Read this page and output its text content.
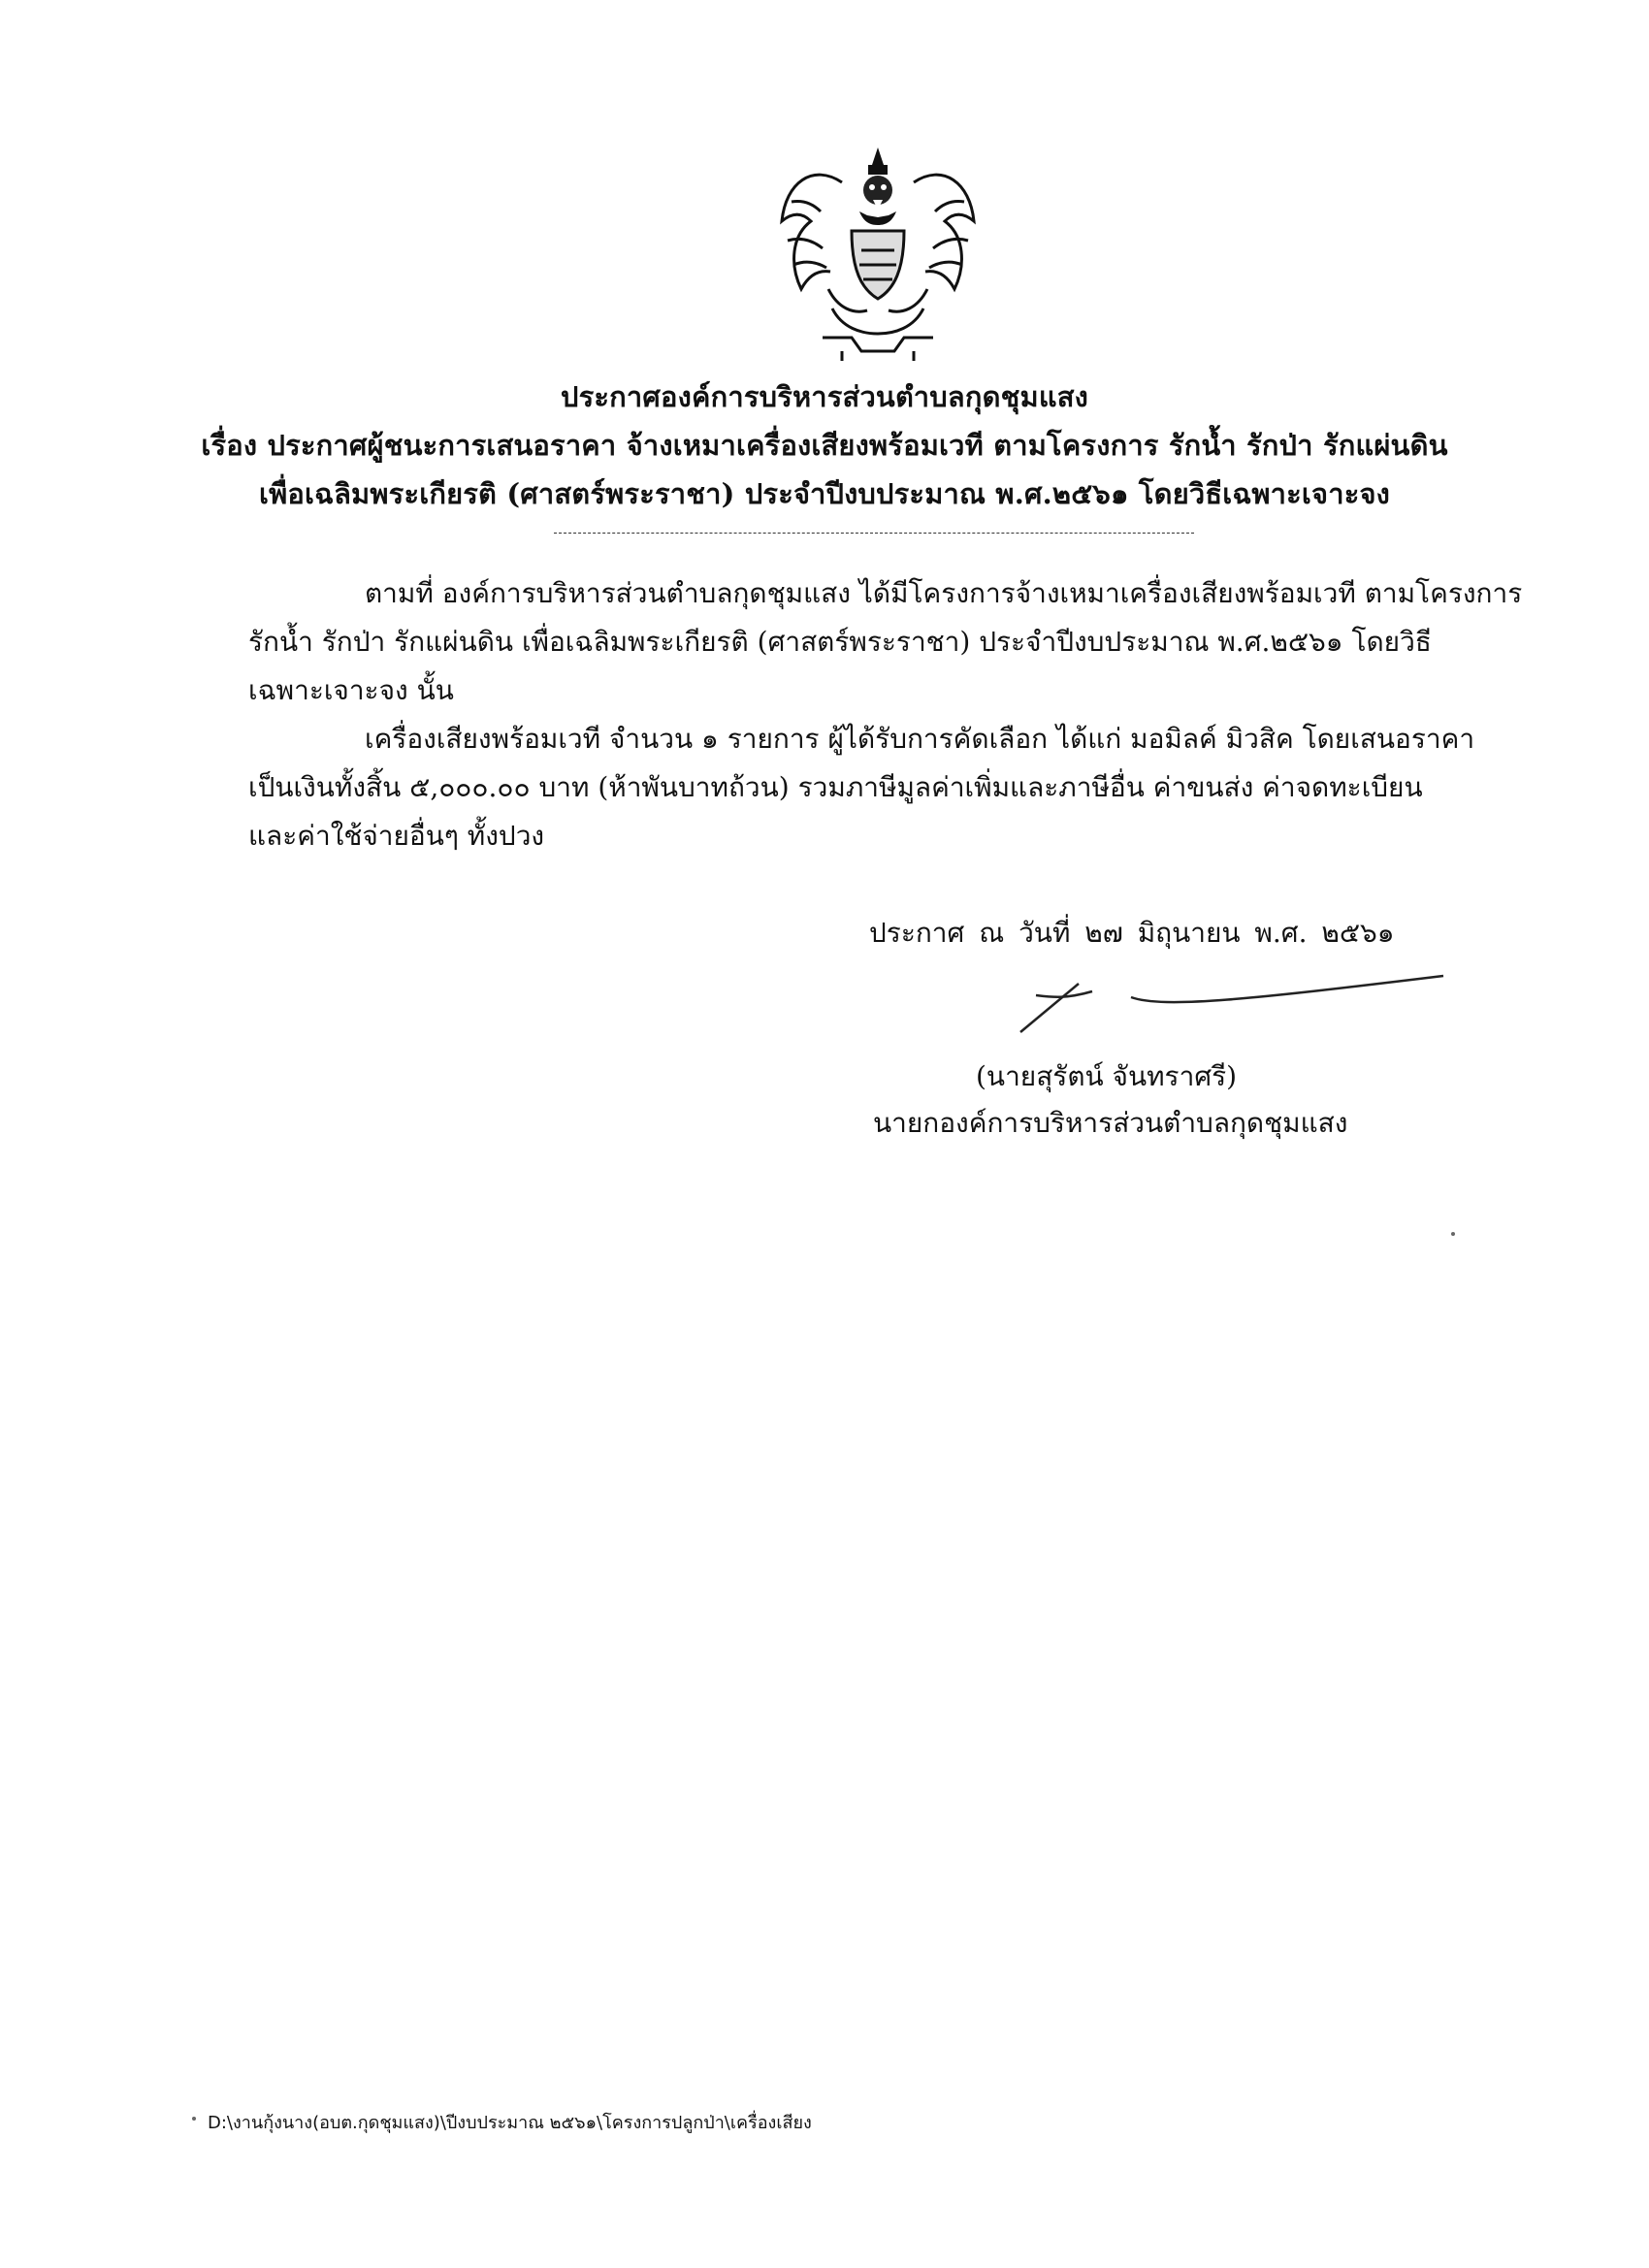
ประกาศองค์การบริหารส่วนตำบลกุดชุมแสง
เรื่อง ประกาศผู้ชนะการเสนอราคา จ้างเหมาเครื่องเสียงพร้อมเวที ตามโครงการ รักน้ำ รักป่า รักแผ่นดิน
เพื่อเฉลิมพระเกียรติ (ศาสตร์พระราชา) ประจำปีงบประมาณ พ.ศ.๒๕๖๑ โดยวิธีเฉพาะเจาะจง
ตามที่ องค์การบริหารส่วนตำบลกุดชุมแสง ได้มีโครงการจ้างเหมาเครื่องเสียงพร้อมเวที ตามโครงการ
รักน้ำ รักป่า รักแผ่นดิน เพื่อเฉลิมพระเกียรติ (ศาสตร์พระราชา) ประจำปีงบประมาณ พ.ศ.๒๕๖๑ โดยวิธี
เฉพาะเจาะจง นั้น
เครื่องเสียงพร้อมเวที จำนวน ๑ รายการ ผู้ได้รับการคัดเลือก ได้แก่ มอมิลค์ มิวสิค โดยเสนอราคา
เป็นเงินทั้งสิ้น ๕,๐๐๐.๐๐ บาท (ห้าพันบาทถ้วน) รวมภาษีมูลค่าเพิ่มและภาษีอื่น ค่าขนส่ง ค่าจดทะเบียน
และค่าใช้จ่ายอื่นๆ ทั้งปวง
ประกาศ ณ วันที่ ๒๗ มิถุนายน พ.ศ. ๒๕๖๑
(นายสุรัตน์ จันทราศรี)
นายกองค์การบริหารส่วนตำบลกุดชุมแสง
D:\งานกุ้งนาง(อบต.กุดชุมแสง)\ปีงบประมาณ ๒๕๖๑\โครงการปลูกป่า\เครื่องเสียง
